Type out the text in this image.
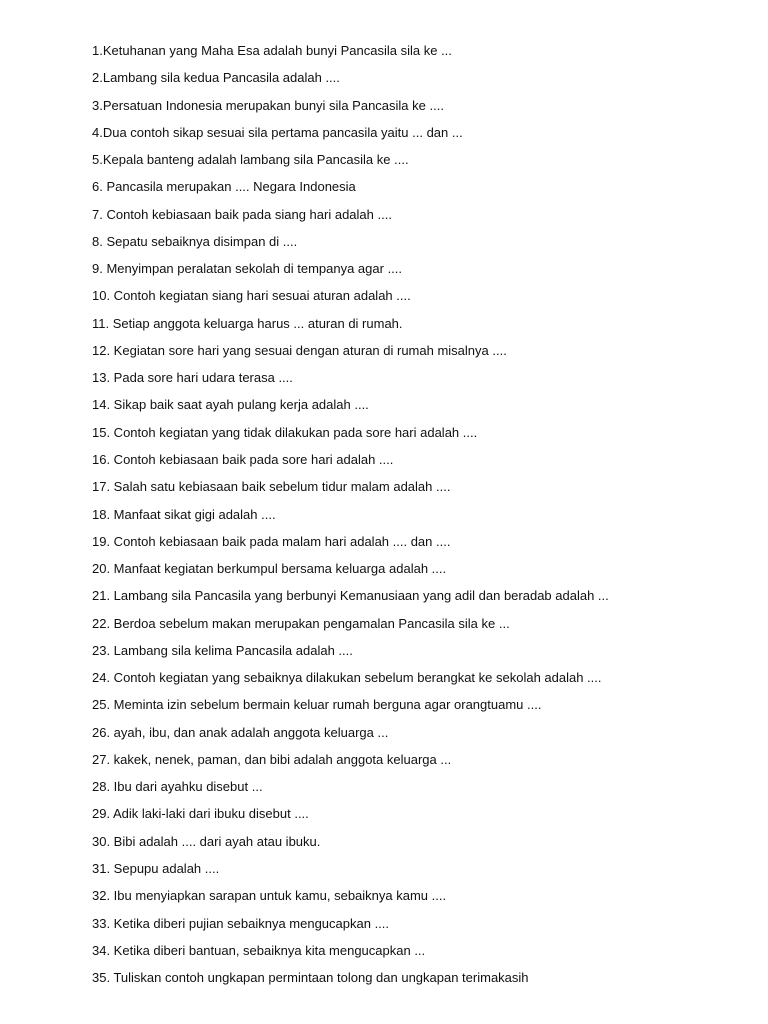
1.Ketuhanan yang Maha Esa adalah bunyi Pancasila sila ke ...
2.Lambang sila kedua Pancasila adalah ....
3.Persatuan Indonesia merupakan bunyi sila Pancasila ke ....
4.Dua contoh sikap sesuai sila pertama pancasila yaitu ... dan ...
5.Kepala banteng adalah lambang sila Pancasila ke ....
6. Pancasila merupakan .... Negara Indonesia
7. Contoh kebiasaan baik pada siang hari adalah ....
8. Sepatu sebaiknya disimpan di ....
9. Menyimpan peralatan sekolah di tempanya agar ....
10. Contoh kegiatan siang hari sesuai aturan adalah ....
11. Setiap anggota keluarga harus ... aturan di rumah.
12. Kegiatan sore hari yang sesuai dengan aturan di rumah misalnya ....
13. Pada sore hari udara terasa ....
14. Sikap baik saat ayah pulang kerja adalah ....
15. Contoh kegiatan yang tidak dilakukan pada sore hari adalah ....
16. Contoh kebiasaan baik pada sore hari adalah ....
17. Salah satu kebiasaan baik sebelum tidur malam adalah ....
18. Manfaat sikat gigi adalah ....
19. Contoh kebiasaan baik pada malam hari adalah .... dan ....
20. Manfaat kegiatan berkumpul bersama keluarga adalah ....
21. Lambang sila Pancasila yang berbunyi Kemanusiaan yang adil dan beradab adalah ...
22. Berdoa sebelum makan merupakan pengamalan Pancasila sila ke ...
23. Lambang sila kelima Pancasila adalah ....
24. Contoh kegiatan yang sebaiknya dilakukan sebelum berangkat ke sekolah adalah ....
25. Meminta izin sebelum bermain keluar rumah berguna agar orangtuamu ....
26. ayah, ibu, dan anak adalah anggota keluarga ...
27. kakek, nenek, paman, dan bibi adalah anggota keluarga ...
28. Ibu dari ayahku disebut ...
29. Adik laki-laki dari ibuku disebut ....
30. Bibi adalah .... dari ayah atau ibuku.
31. Sepupu adalah ....
32. Ibu menyiapkan sarapan untuk kamu, sebaiknya kamu ....
33. Ketika diberi pujian sebaiknya mengucapkan ....
34. Ketika diberi bantuan, sebaiknya kita mengucapkan ...
35. Tuliskan contoh ungkapan permintaan tolong dan ungkapan terimakasih
